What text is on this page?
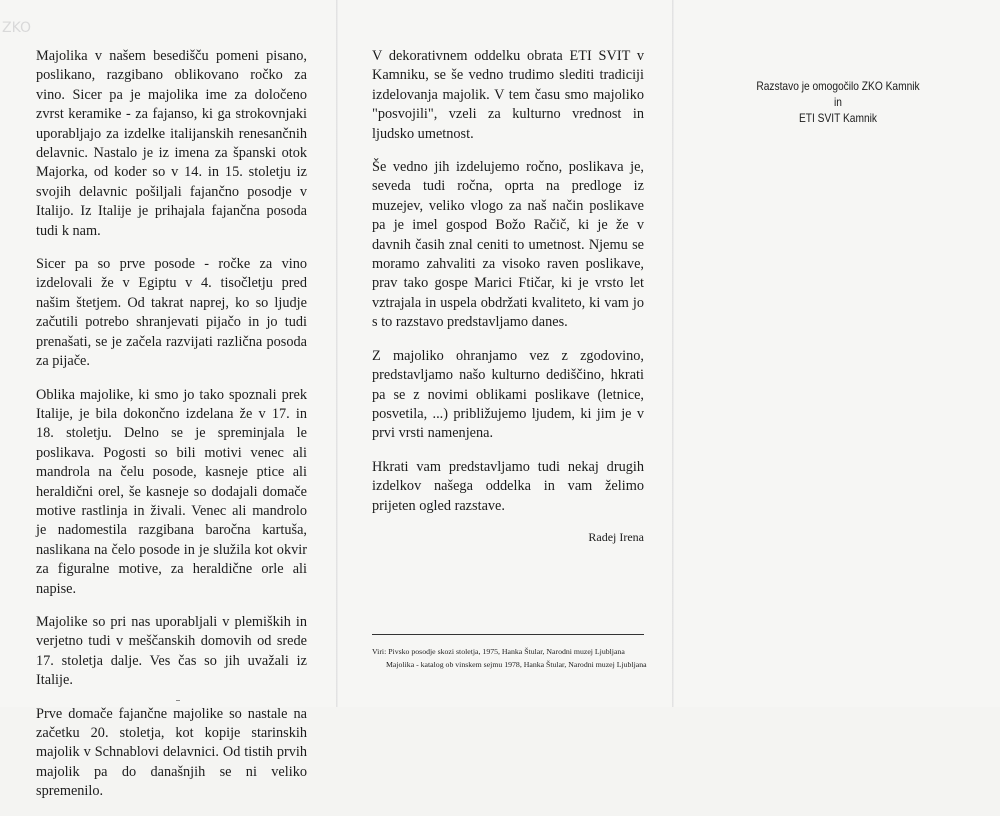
ZKO

Majolika v našem besedišču pomeni pisano, poslikano, razgibano oblikovano ročko za vino. Sicer pa je majolika ime za določeno zvrst keramike - za fajanso, ki ga strokovnjaki uporabljajo za izdelke italijanskih renesančnih delavnic. Nastalo je iz imena za španski otok Majorka, od koder so v 14. in 15. stoletju iz svojih delavnic pošiljali fajančno posodje v Italijo. Iz Italije je prihajala fajančna posoda tudi k nam.

Sicer pa so prve posode - ročke za vino izdelovali že v Egiptu v 4. tisočletju pred našim štetjem. Od takrat naprej, ko so ljudje začutili potrebo shranjevati pijačo in jo tudi prenašati, se je začela razvijati različna posoda za pijače.

Oblika majolike, ki smo jo tako spoznali prek Italije, je bila dokončno izdelana že v 17. in 18. stoletju. Delno se je spreminjala le poslikava. Pogosti so bili motivi venec ali mandrola na čelu posode, kasneje ptice ali heraldični orel, še kasneje so dodajali domače motive rastlinja in živali. Venec ali mandrolo je nadomestila razgibana baročna kartuša, naslikana na čelo posode in je služila kot okvir za figuralne motive, za heraldične orle ali napise.

Majolike so pri nas uporabljali v plemiških in verjetno tudi v meščanskih domovih od srede 17. stoletja dalje. Ves čas so jih uvažali iz Italije.

Prve domače fajančne majolike so nastale na začetku 20. stoletja, kot kopije starinskih majolik v Schnablovi delavnici. Od tistih prvih majolik pa do današnjih se ni veliko spremenilo.

V dekorativnem oddelku obrata ETI SVIT v Kamniku, se še vedno trudimo slediti tradiciji izdelovanja majolik. V tem času smo majoliko "posvojili", vzeli za kulturno vrednost in ljudsko umetnost.

Še vedno jih izdelujemo ročno, poslikava je, seveda tudi ročna, oprta na predloge iz muzejev, veliko vlogo za naš način poslikave pa je imel gospod Božo Račič, ki je že v davnih časih znal ceniti to umetnost. Njemu se moramo zahvaliti za visoko raven poslikave, prav tako gospe Marici Ftičar, ki je vrsto let vztrajala in uspela obdržati kvaliteto, ki vam jo s to razstavo predstavljamo danes.

Z majoliko ohranjamo vez z zgodovino, predstavljamo našo kulturno dediščino, hkrati pa se z novimi oblikami poslikave (letnice, posvetila, ...) približujemo ljudem, ki jim je v prvi vrsti namenjena.

Hkrati vam predstavljamo tudi nekaj drugih izdelkov našega oddelka in vam želimo prijeten ogled razstave.

Radej Irena
Viri: Pivsko posodje skozi stoletja, 1975, Hanka Štular, Narodni muzej Ljubljana
Majolika - katalog ob vinskem sejmu 1978, Hanka Štular, Narodni muzej Ljubljana
Razstavo je omogočilo ZKO Kamnik
in
ETI SVIT Kamnik
